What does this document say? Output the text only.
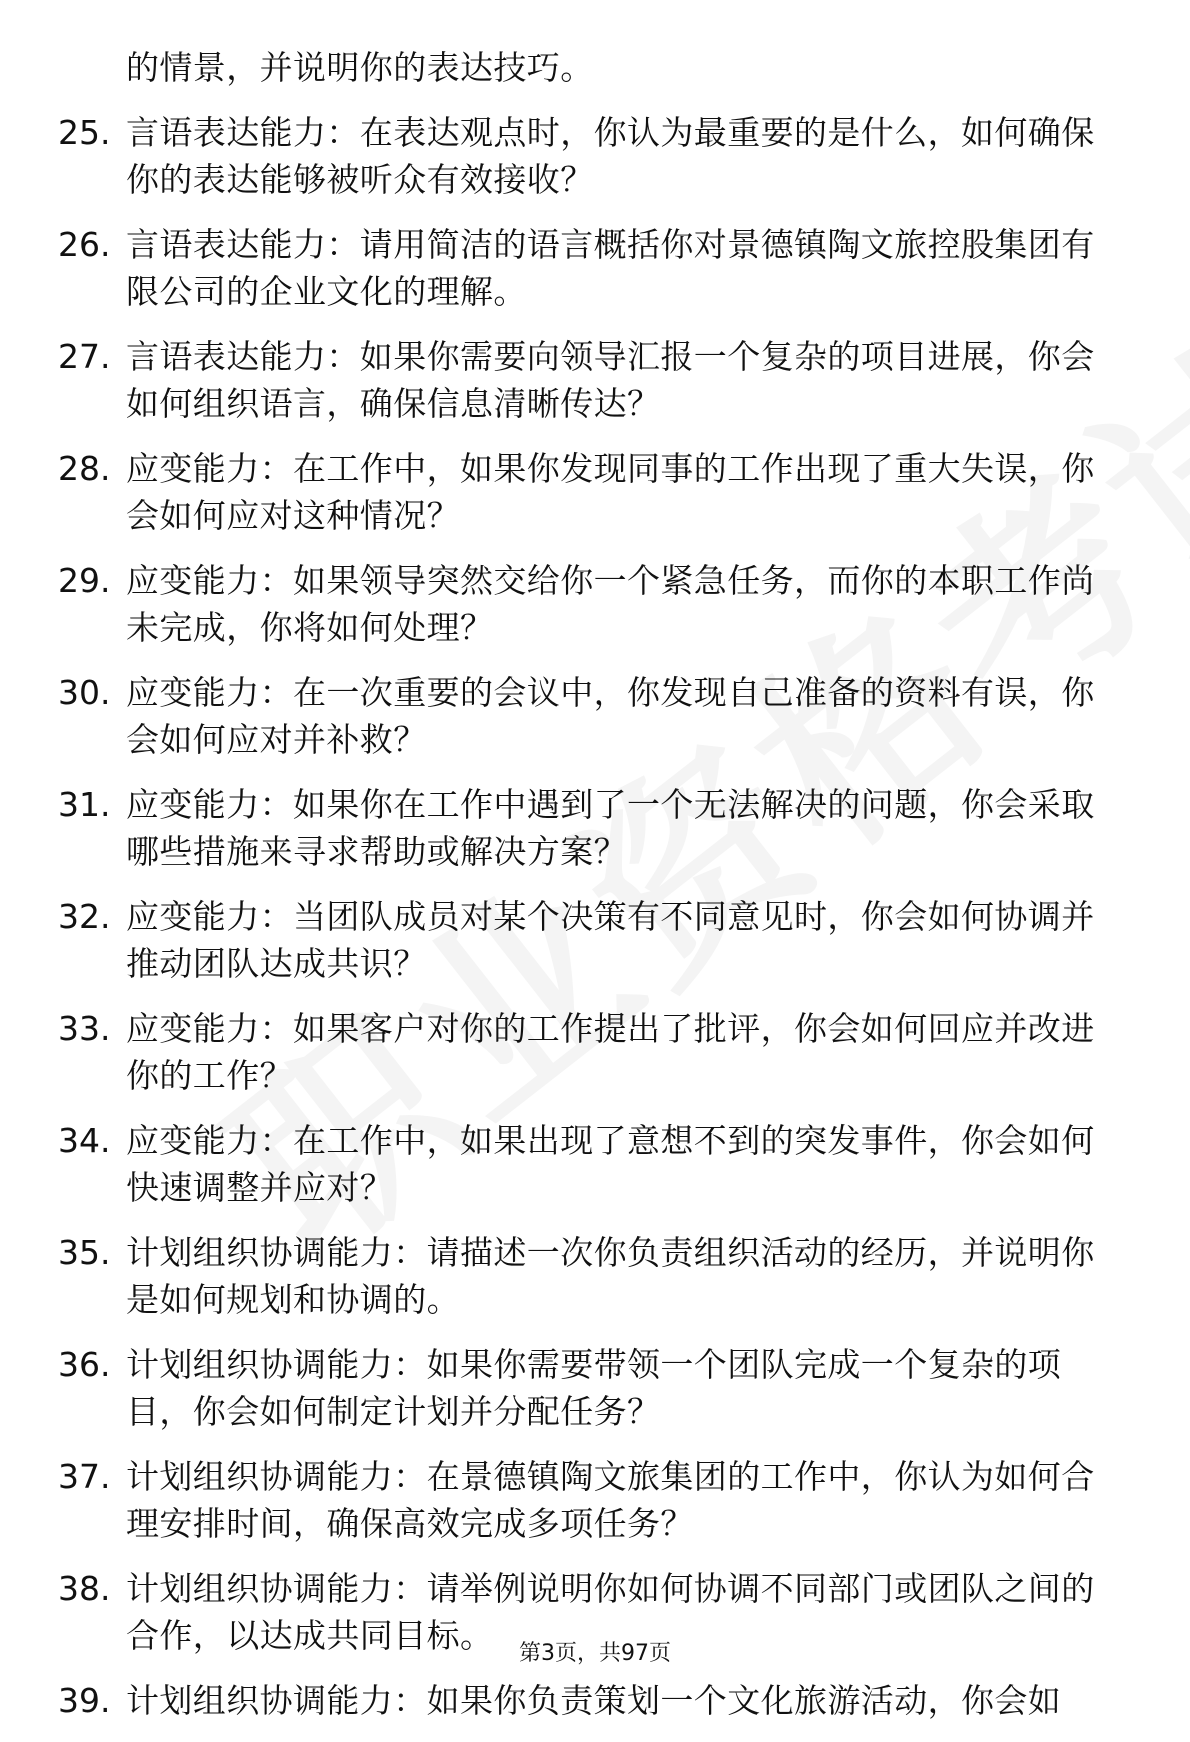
的情景，并说明你的表达技巧。
25. 言语表达能力：在表达观点时，你认为最重要的是什么，如何确保你的表达能够被听众有效接收？
26. 言语表达能力：请用简洁的语言概括你对景德镇陶文旅控股集团有限公司的企业文化的理解。
27. 言语表达能力：如果你需要向领导汇报一个复杂的项目进展，你会如何组织语言，确保信息清晰传达？
28. 应变能力：在工作中，如果你发现同事的工作出现了重大失误，你会如何应对这种情况？
29. 应变能力：如果领导突然交给你一个紧急任务，而你的本职工作尚未完成，你将如何处理？
30. 应变能力：在一次重要的会议中，你发现自己准备的资料有误，你会如何应对并补救？
31. 应变能力：如果你在工作中遇到了一个无法解决的问题，你会采取哪些措施来寻求帮助或解决方案？
32. 应变能力：当团队成员对某个决策有不同意见时，你会如何协调并推动团队达成共识？
33. 应变能力：如果客户对你的工作提出了批评，你会如何回应并改进你的工作？
34. 应变能力：在工作中，如果出现了意想不到的突发事件，你会如何快速调整并应对？
35. 计划组织协调能力：请描述一次你负责组织活动的经历，并说明你是如何规划和协调的。
36. 计划组织协调能力：如果你需要带领一个团队完成一个复杂的项目，你会如何制定计划并分配任务？
37. 计划组织协调能力：在景德镇陶文旅集团的工作中，你认为如何合理安排时间，确保高效完成多项任务？
38. 计划组织协调能力：请举例说明你如何协调不同部门或团队之间的合作，以达成共同目标。
39. 计划组织协调能力：如果你负责策划一个文化旅游活动，你会如
第3页，共97页
